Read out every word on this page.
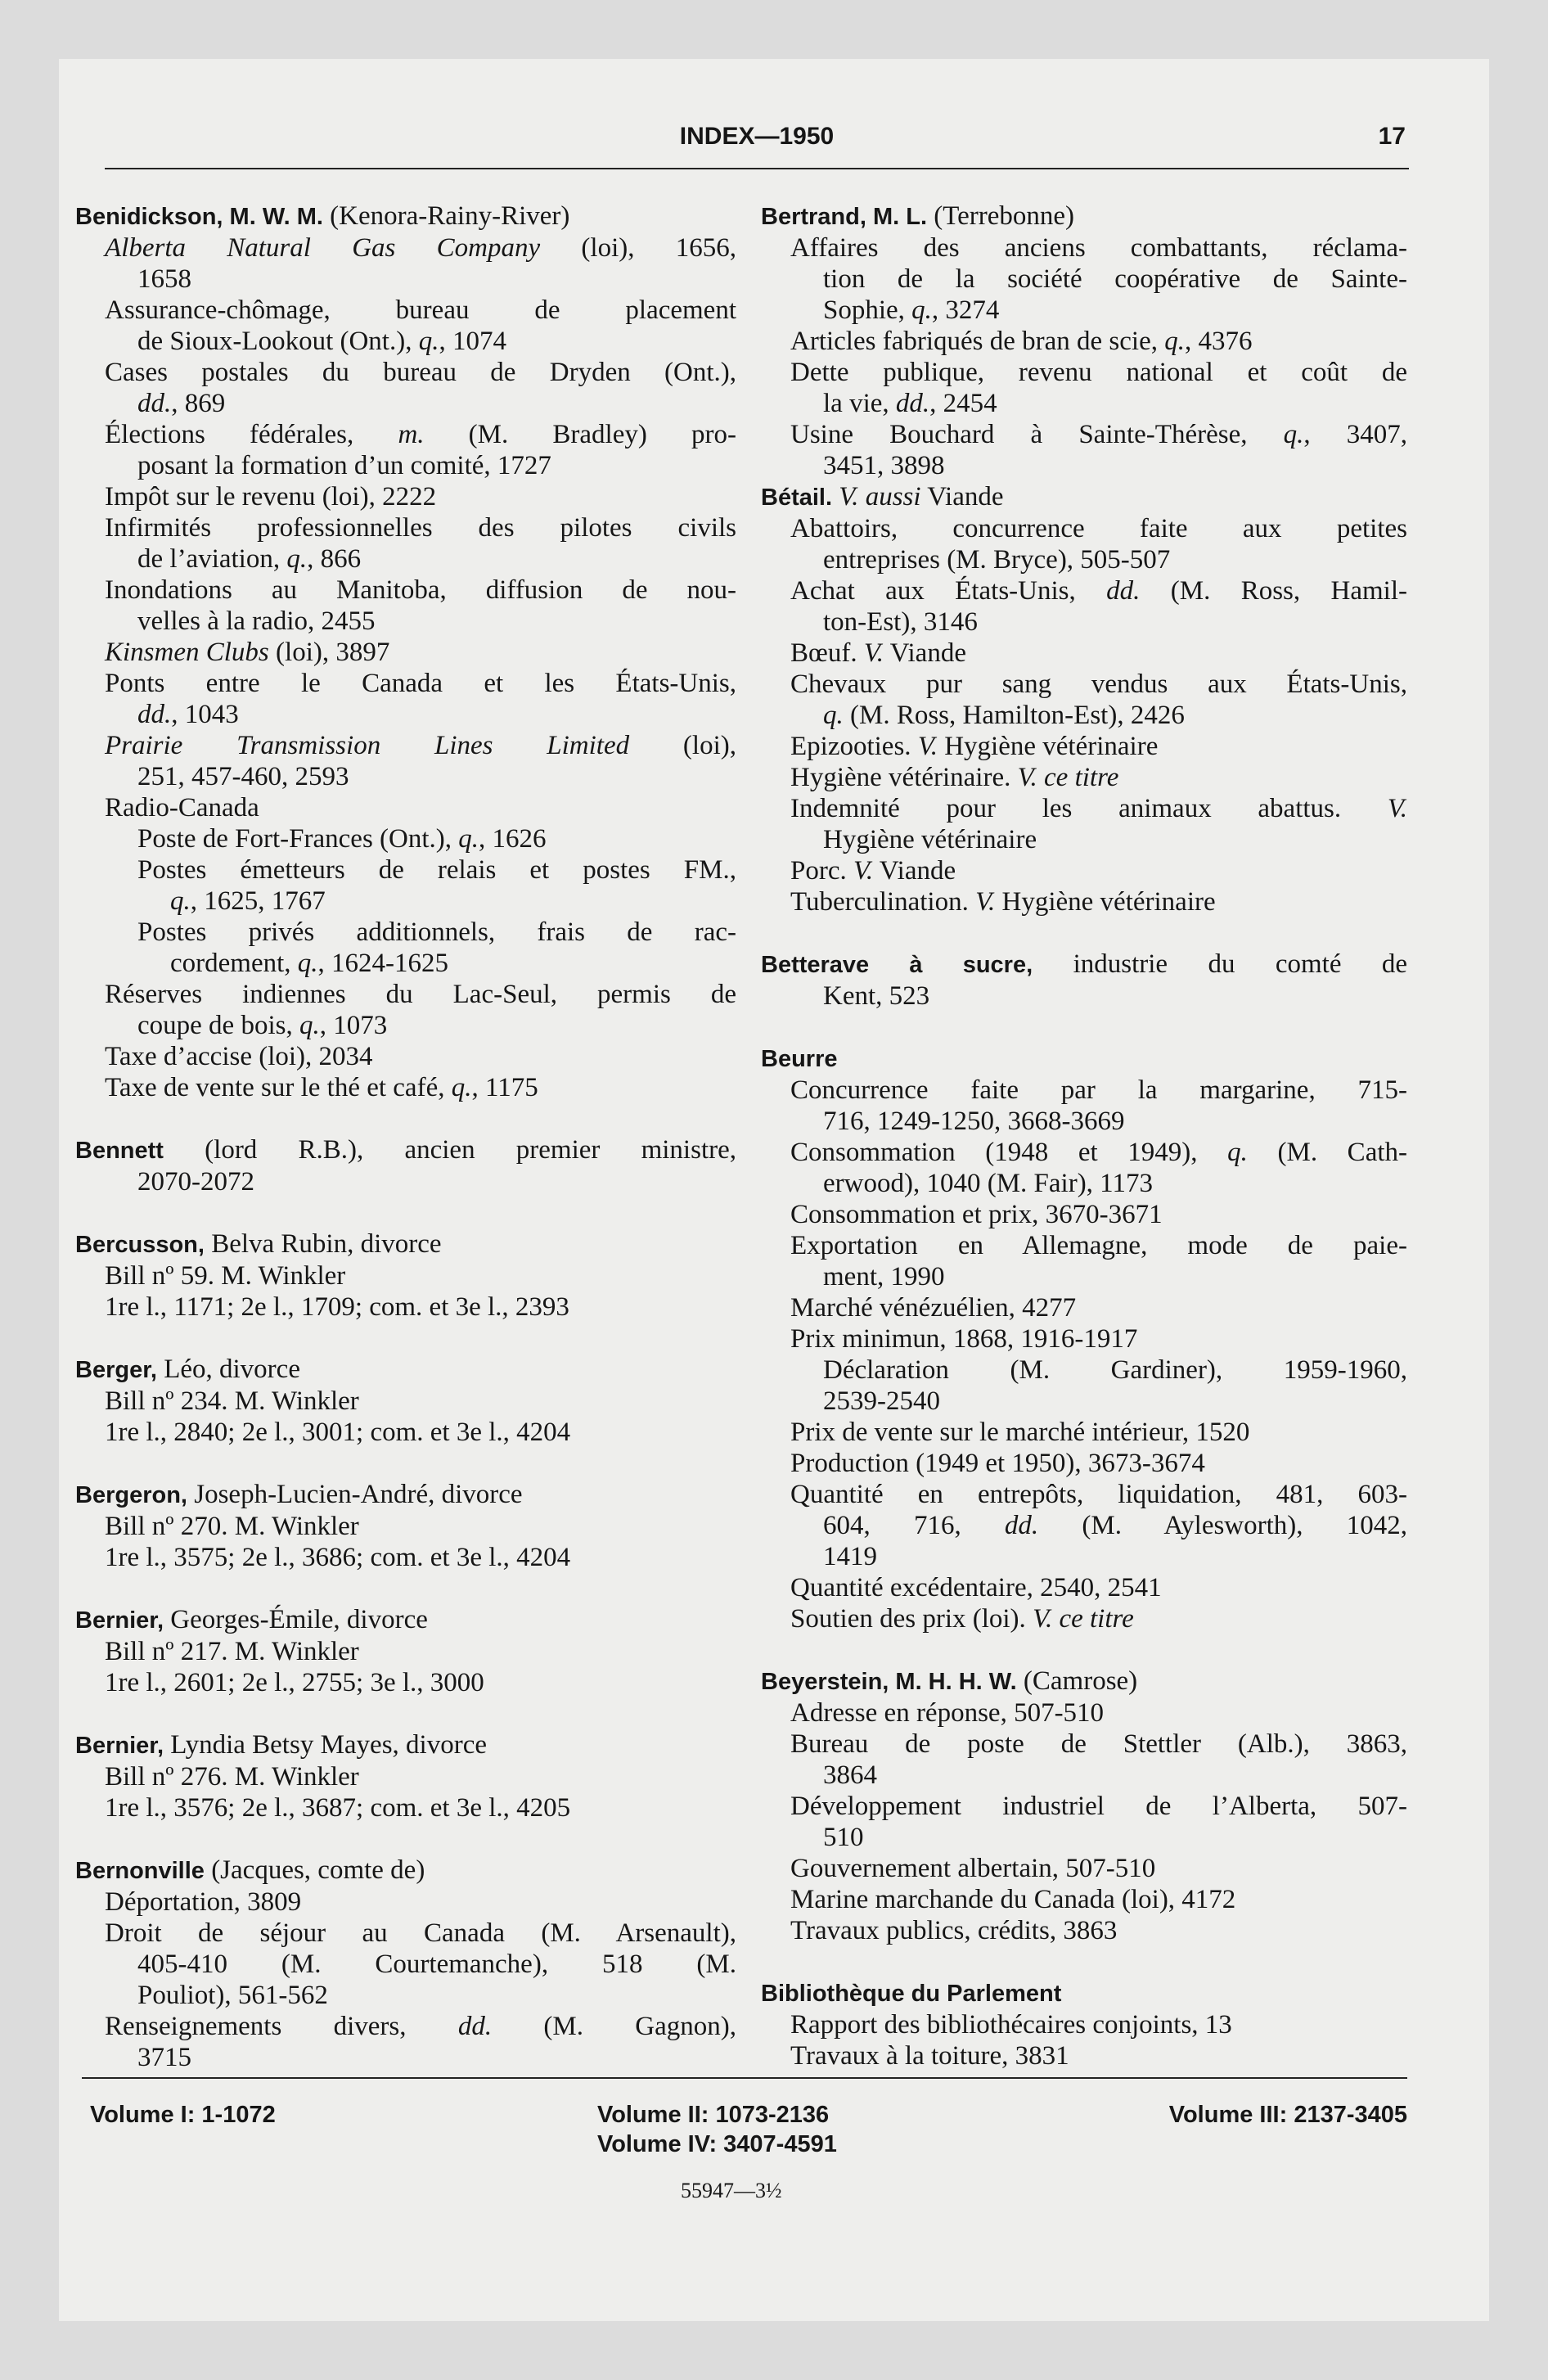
INDEX—1950	17
Benidickson, M. W. M. (Kenora-Rainy-River)
Alberta Natural Gas Company (loi), 1656,
1658
Assurance-chômage, bureau de placement
de Sioux-Lookout (Ont.), q., 1074
Cases postales du bureau de Dryden (Ont.),
dd., 869
Élections fédérales, m. (M. Bradley) pro-
posant la formation d’un comité, 1727
Impôt sur le revenu (loi), 2222
Infirmités professionnelles des pilotes civils
de l’aviation, q., 866
Inondations au Manitoba, diffusion de nou-
velles à la radio, 2455
Kinsmen Clubs (loi), 3897
Ponts entre le Canada et les États-Unis,
dd., 1043
Prairie Transmission Lines Limited (loi),
251, 457-460, 2593
Radio-Canada
Poste de Fort-Frances (Ont.), q., 1626
Postes émetteurs de relais et postes FM.,
q., 1625, 1767
Postes privés additionnels, frais de rac-
cordement, q., 1624-1625
Réserves indiennes du Lac-Seul, permis de
coupe de bois, q., 1073
Taxe d’accise (loi), 2034
Taxe de vente sur le thé et café, q., 1175
Bennett (lord R.B.), ancien premier ministre,
2070-2072
Bercusson, Belva Rubin, divorce
Bill nº 59. M. Winkler
1re l., 1171; 2e l., 1709; com. et 3e l., 2393
Berger, Léo, divorce
Bill nº 234. M. Winkler
1re l., 2840; 2e l., 3001; com. et 3e l., 4204
Bergeron, Joseph-Lucien-André, divorce
Bill nº 270. M. Winkler
1re l., 3575; 2e l., 3686; com. et 3e l., 4204
Bernier, Georges-Émile, divorce
Bill nº 217. M. Winkler
1re l., 2601; 2e l., 2755; 3e l., 3000
Bernier, Lyndia Betsy Mayes, divorce
Bill nº 276. M. Winkler
1re l., 3576; 2e l., 3687; com. et 3e l., 4205
Bernonville (Jacques, comte de)
Déportation, 3809
Droit de séjour au Canada (M. Arsenault),
405-410 (M. Courtemanche), 518 (M.
Pouliot), 561-562
Renseignements divers, dd. (M. Gagnon),
3715
Bertrand, M. L. (Terrebonne)
Affaires des anciens combattants, réclama-
tion de la société coopérative de Sainte-
Sophie, q., 3274
Articles fabriqués de bran de scie, q., 4376
Dette publique, revenu national et coût de
la vie, dd., 2454
Usine Bouchard à Sainte-Thérèse, q., 3407,
3451, 3898
Bétail. V. aussi Viande
Abattoirs, concurrence faite aux petites
entreprises (M. Bryce), 505-507
Achat aux États-Unis, dd. (M. Ross, Hamil-
ton-Est), 3146
Bœuf. V. Viande
Chevaux pur sang vendus aux États-Unis,
q. (M. Ross, Hamilton-Est), 2426
Epizooties. V. Hygiène vétérinaire
Hygiène vétérinaire. V. ce titre
Indemnité pour les animaux abattus. V.
Hygiène vétérinaire
Porc. V. Viande
Tuberculination. V. Hygiène vétérinaire
Betterave à sucre, industrie du comté de
Kent, 523
Beurre
Concurrence faite par la margarine, 715-
716, 1249-1250, 3668-3669
Consommation (1948 et 1949), q. (M. Cath-
erwood), 1040 (M. Fair), 1173
Consommation et prix, 3670-3671
Exportation en Allemagne, mode de paie-
ment, 1990
Marché vénézuélien, 4277
Prix minimun, 1868, 1916-1917
Déclaration (M. Gardiner), 1959-1960,
2539-2540
Prix de vente sur le marché intérieur, 1520
Production (1949 et 1950), 3673-3674
Quantité en entrepôts, liquidation, 481, 603-
604, 716, dd. (M. Aylesworth), 1042,
1419
Quantité excédentaire, 2540, 2541
Soutien des prix (loi). V. ce titre
Beyerstein, M. H. H. W. (Camrose)
Adresse en réponse, 507-510
Bureau de poste de Stettler (Alb.), 3863,
3864
Développement industriel de l’Alberta, 507-
510
Gouvernement albertain, 507-510
Marine marchande du Canada (loi), 4172
Travaux publics, crédits, 3863
Bibliothèque du Parlement
Rapport des bibliothécaires conjoints, 13
Travaux à la toiture, 3831
Volume I: 1-1072	Volume II: 1073-2136	Volume III: 2137-3405
Volume IV: 3407-4591
55947—3½
